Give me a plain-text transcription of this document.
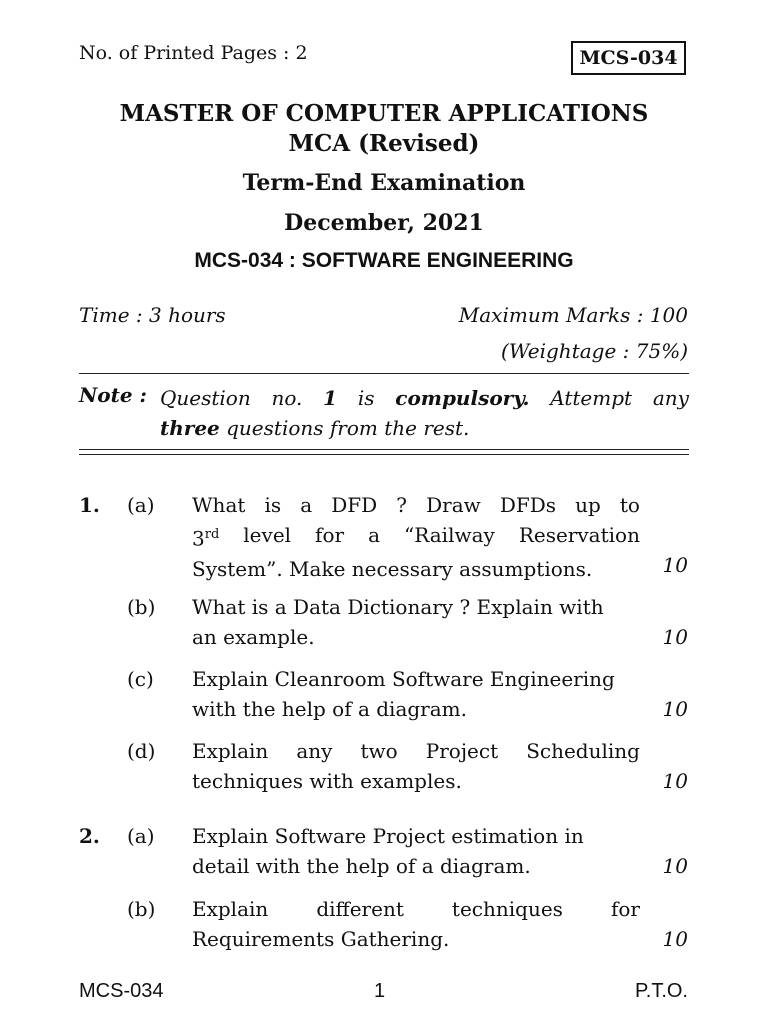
No. of Printed Pages : 2	MCS-034
MASTER OF COMPUTER APPLICATIONS
MCA (Revised)
Term-End Examination
December, 2021
MCS-034 : SOFTWARE ENGINEERING
Time : 3 hours	Maximum Marks : 100
(Weightage : 75%)
Note : Question no. 1 is compulsory. Attempt any
three questions from the rest.
1. (a) What is a DFD ? Draw DFDs up to
3rd level for a “Railway Reservation
System”. Make necessary assumptions.	10
(b) What is a Data Dictionary ? Explain with
an example.	10
(c) Explain Cleanroom Software Engineering
with the help of a diagram.	10
(d) Explain any two Project Scheduling
techniques with examples.	10
2. (a) Explain Software Project estimation in
detail with the help of a diagram.	10
(b) Explain different techniques for
Requirements Gathering.	10
MCS-034	1	P.T.O.
